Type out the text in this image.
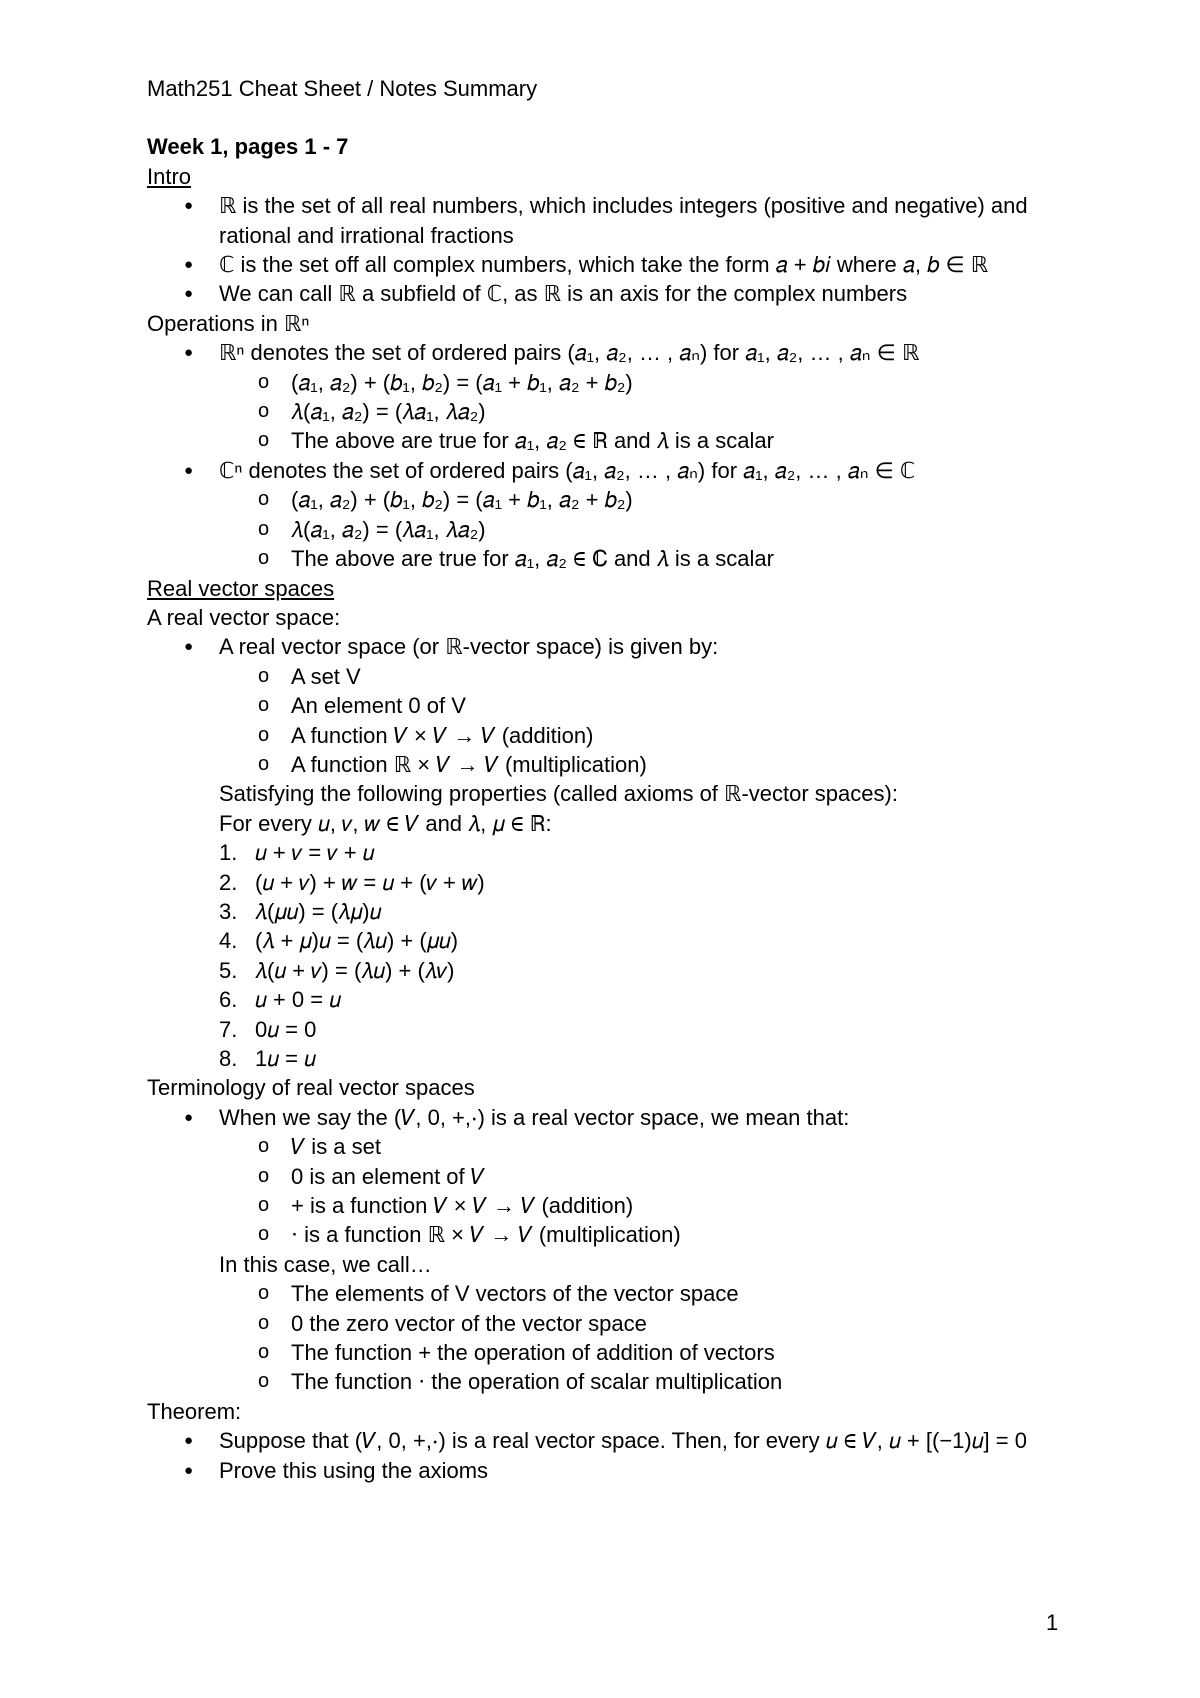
Math251 Cheat Sheet / Notes Summary
Week 1, pages 1 - 7
Intro
● ℝ is the set of all real numbers, which includes integers (positive and negative) and rational and irrational fractions
● ℂ is the set off all complex numbers, which take the form 𝑎 + 𝑏𝑖 where 𝑎, 𝑏 ∈ ℝ
● We can call ℝ a subfield of ℂ, as ℝ is an axis for the complex numbers
Operations in ℝⁿ
● ℝⁿ denotes the set of ordered pairs (𝑎₁, 𝑎₂, … , 𝑎ₙ) for 𝑎₁, 𝑎₂, … , 𝑎ₙ ∈ ℝ
o (𝑎₁, 𝑎₂) + (𝑏₁, 𝑏₂) = (𝑎₁ + 𝑏₁, 𝑎₂ + 𝑏₂)
o 𝜆(𝑎₁, 𝑎₂) = (𝜆𝑎₁, 𝜆𝑎₂)
o The above are true for 𝑎₁, 𝑎₂ ∈ ℝ and 𝜆 is a scalar
● ℂⁿ denotes the set of ordered pairs (𝑎₁, 𝑎₂, … , 𝑎ₙ) for 𝑎₁, 𝑎₂, … , 𝑎ₙ ∈ ℂ
o (𝑎₁, 𝑎₂) + (𝑏₁, 𝑏₂) = (𝑎₁ + 𝑏₁, 𝑎₂ + 𝑏₂)
o 𝜆(𝑎₁, 𝑎₂) = (𝜆𝑎₁, 𝜆𝑎₂)
o The above are true for 𝑎₁, 𝑎₂ ∈ ℂ and 𝜆 is a scalar
Real vector spaces
A real vector space:
● A real vector space (or ℝ-vector space) is given by:
o A set V
o An element 0 of V
o A function 𝑉 × 𝑉 → 𝑉 (addition)
o A function ℝ × 𝑉 → 𝑉 (multiplication)
Satisfying the following properties (called axioms of ℝ-vector spaces):
For every 𝑢, 𝑣, 𝑤 ∈ 𝑉 and 𝜆, 𝜇 ∈ ℝ:
1. 𝑢 + 𝑣 = 𝑣 + 𝑢
2. (𝑢 + 𝑣) + 𝑤 = 𝑢 + (𝑣 + 𝑤)
3. 𝜆(𝜇𝑢) = (𝜆𝜇)𝑢
4. (𝜆 + 𝜇)𝑢 = (𝜆𝑢) + (𝜇𝑢)
5. 𝜆(𝑢 + 𝑣) = (𝜆𝑢) + (𝜆𝑣)
6. 𝑢 + 0 = 𝑢
7. 0𝑢 = 0
8. 1𝑢 = 𝑢
Terminology of real vector spaces
● When we say the (𝑉, 0, +,⋅) is a real vector space, we mean that:
o 𝑉 is a set
o 0 is an element of 𝑉
o + is a function 𝑉 × 𝑉 → 𝑉 (addition)
o ⋅ is a function ℝ × 𝑉 → 𝑉 (multiplication)
In this case, we call…
o The elements of V vectors of the vector space
o 0 the zero vector of the vector space
o The function + the operation of addition of vectors
o The function ⋅ the operation of scalar multiplication
Theorem:
● Suppose that (𝑉, 0, +,⋅) is a real vector space. Then, for every 𝑢 ∈ 𝑉, 𝑢 + [(−1)𝑢] = 0
● Prove this using the axioms
1
